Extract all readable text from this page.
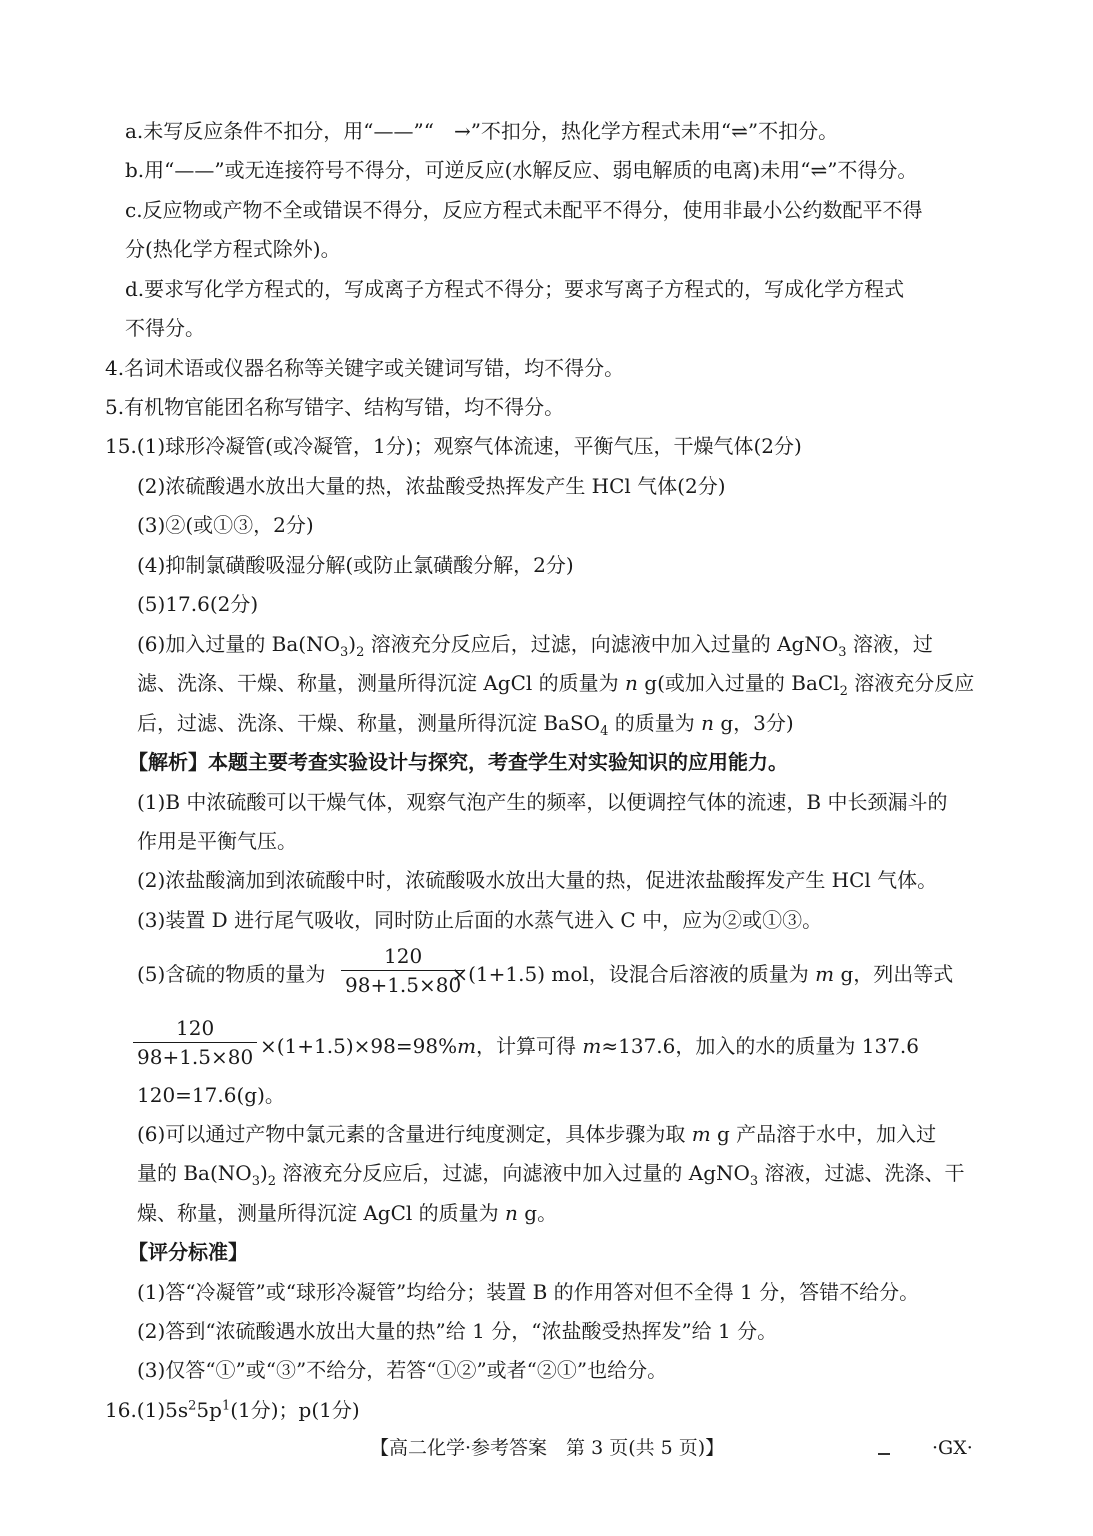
a.未写反应条件不扣分，用“——”“　→”不扣分，热化学方程式未用“⇌”不扣分。
b.用“——”或无连接符号不得分，可逆反应(水解反应、弱电解质的电离)未用“⇌”不得分。
c.反应物或产物不全或错误不得分，反应方程式未配平不得分，使用非最小公约数配平不得
分(热化学方程式除外)。
d.要求写化学方程式的，写成离子方程式不得分；要求写离子方程式的，写成化学方程式
不得分。
4.名词术语或仪器名称等关键字或关键词写错，均不得分。
5.有机物官能团名称写错字、结构写错，均不得分。
15.(1)球形冷凝管(或冷凝管，1分)；观察气体流速，平衡气压，干燥气体(2分)
(2)浓硫酸遇水放出大量的热，浓盐酸受热挥发产生 HCl 气体(2分)
(3)②(或①③，2分)
(4)抑制氯磺酸吸湿分解(或防止氯磺酸分解，2分)
(5)17.6(2分)
(6)加入过量的 $Ba(NO_3)_2$ 溶液充分反应后，过滤，向滤液中加入过量的 AgNO$_3$ 溶液，过
滤、洗涤、干燥、称量，测量所得沉淀 AgCl 的质量为 n g(或加入过量的 BaCl$_2$ 溶液充分反应
后，过滤、洗涤、干燥、称量，测量所得沉淀 BaSO$_4$ 的质量为 n g，3分)
【解析】本题主要考查实验设计与探究，考查学生对实验知识的应用能力。
(1)B 中浓硫酸可以干燥气体，观察气泡产生的频率，以便调控气体的流速，B 中长颈漏斗的
作用是平衡气压。
(2)浓盐酸滴加到浓硫酸中时，浓硫酸吸水放出大量的热，促进浓盐酸挥发产生 HCl 气体。
(3)装置 D 进行尾气吸收，同时防止后面的水蒸气进入 C 中，应为②或①③。
(5)含硫的物质的量为	×(1+1.5) mol，设混合后溶液的质量为 m g，列出等式
$\frac{120}{98+1.5\times 80}$
$\frac{120}{98+1.5\times 80} \times(1+1.5)\times 98=98\%m$，计算可得 m≈137.6，加入的水的质量为 137.6
120=17.6(g)。
(6)可以通过产物中氯元素的含量进行纯度测定，具体步骤为取 m g 产品溶于水中，加入过
量的 $Ba(NO_3)_2$ 溶液充分反应后，过滤，向滤液中加入过量的 AgNO$_3$ 溶液，过滤、洗涤、干
燥、称量，测量所得沉淀 AgCl 的质量为 n g。
【评分标准】
(1)答“冷凝管”或“球形冷凝管”均给分；装置 B 的作用答对但不全得 1 分，答错不给分。
(2)答到“浓硫酸遇水放出大量的热”给 1 分，“浓盐酸受热挥发”给 1 分。
(3)仅答“①”或“③”不给分，若答“①②”或者“②①”也给分。
$16.(1)5s^25p^1(1$分)；p(1分)
【高二化学·参考答案　第 3 页(共 5 页)】	·GX·
